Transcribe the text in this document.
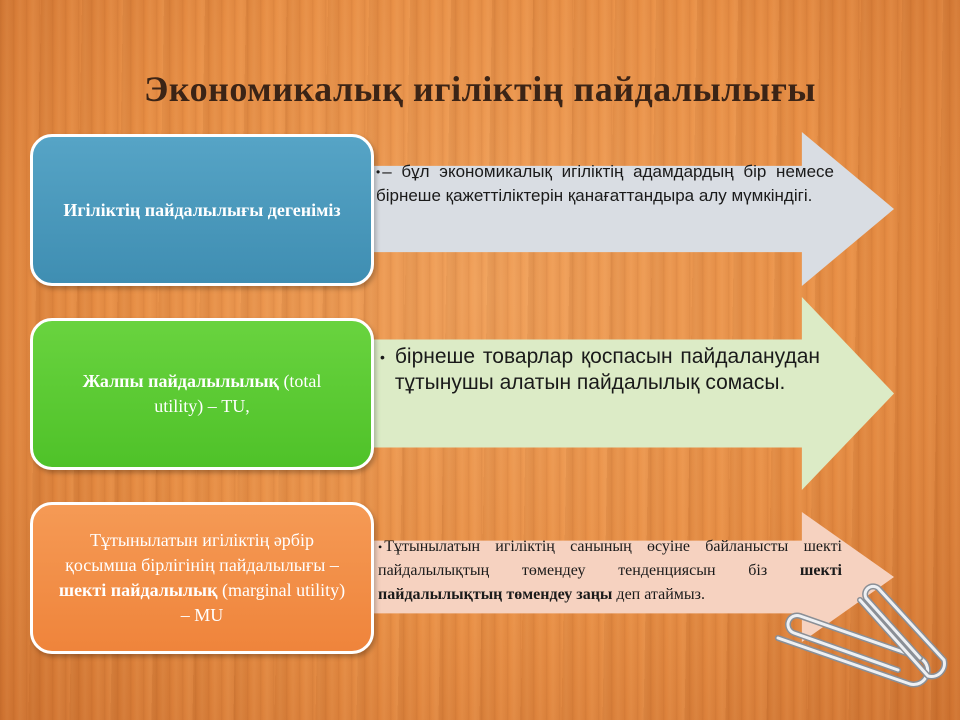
Экономикалық игіліктің пайдалылығы
• – бұл экономикалық игіліктің адамдардың бір немесе бірнеше қажеттіліктерін қанағаттандыра алу мүмкіндігі.
Игіліктің пайдалылығы дегеніміз
• бірнеше товарлар қоспасын пайдаланудан тұтынушы алатын пайдалылық сомасы.
Жалпы пайдалылылық (total utility) – TU,
• Тұтынылатын игіліктің санының өсуіне байланысты шекті пайдалылықтың төмендеу тенденциясын біз шекті пайдалылықтың төмендеу заңы деп атаймыз.
Тұтынылатын игіліктің әрбір қосымша бірлігінің пайдалылығы – шекті пайдалылық (marginal utility) – MU
